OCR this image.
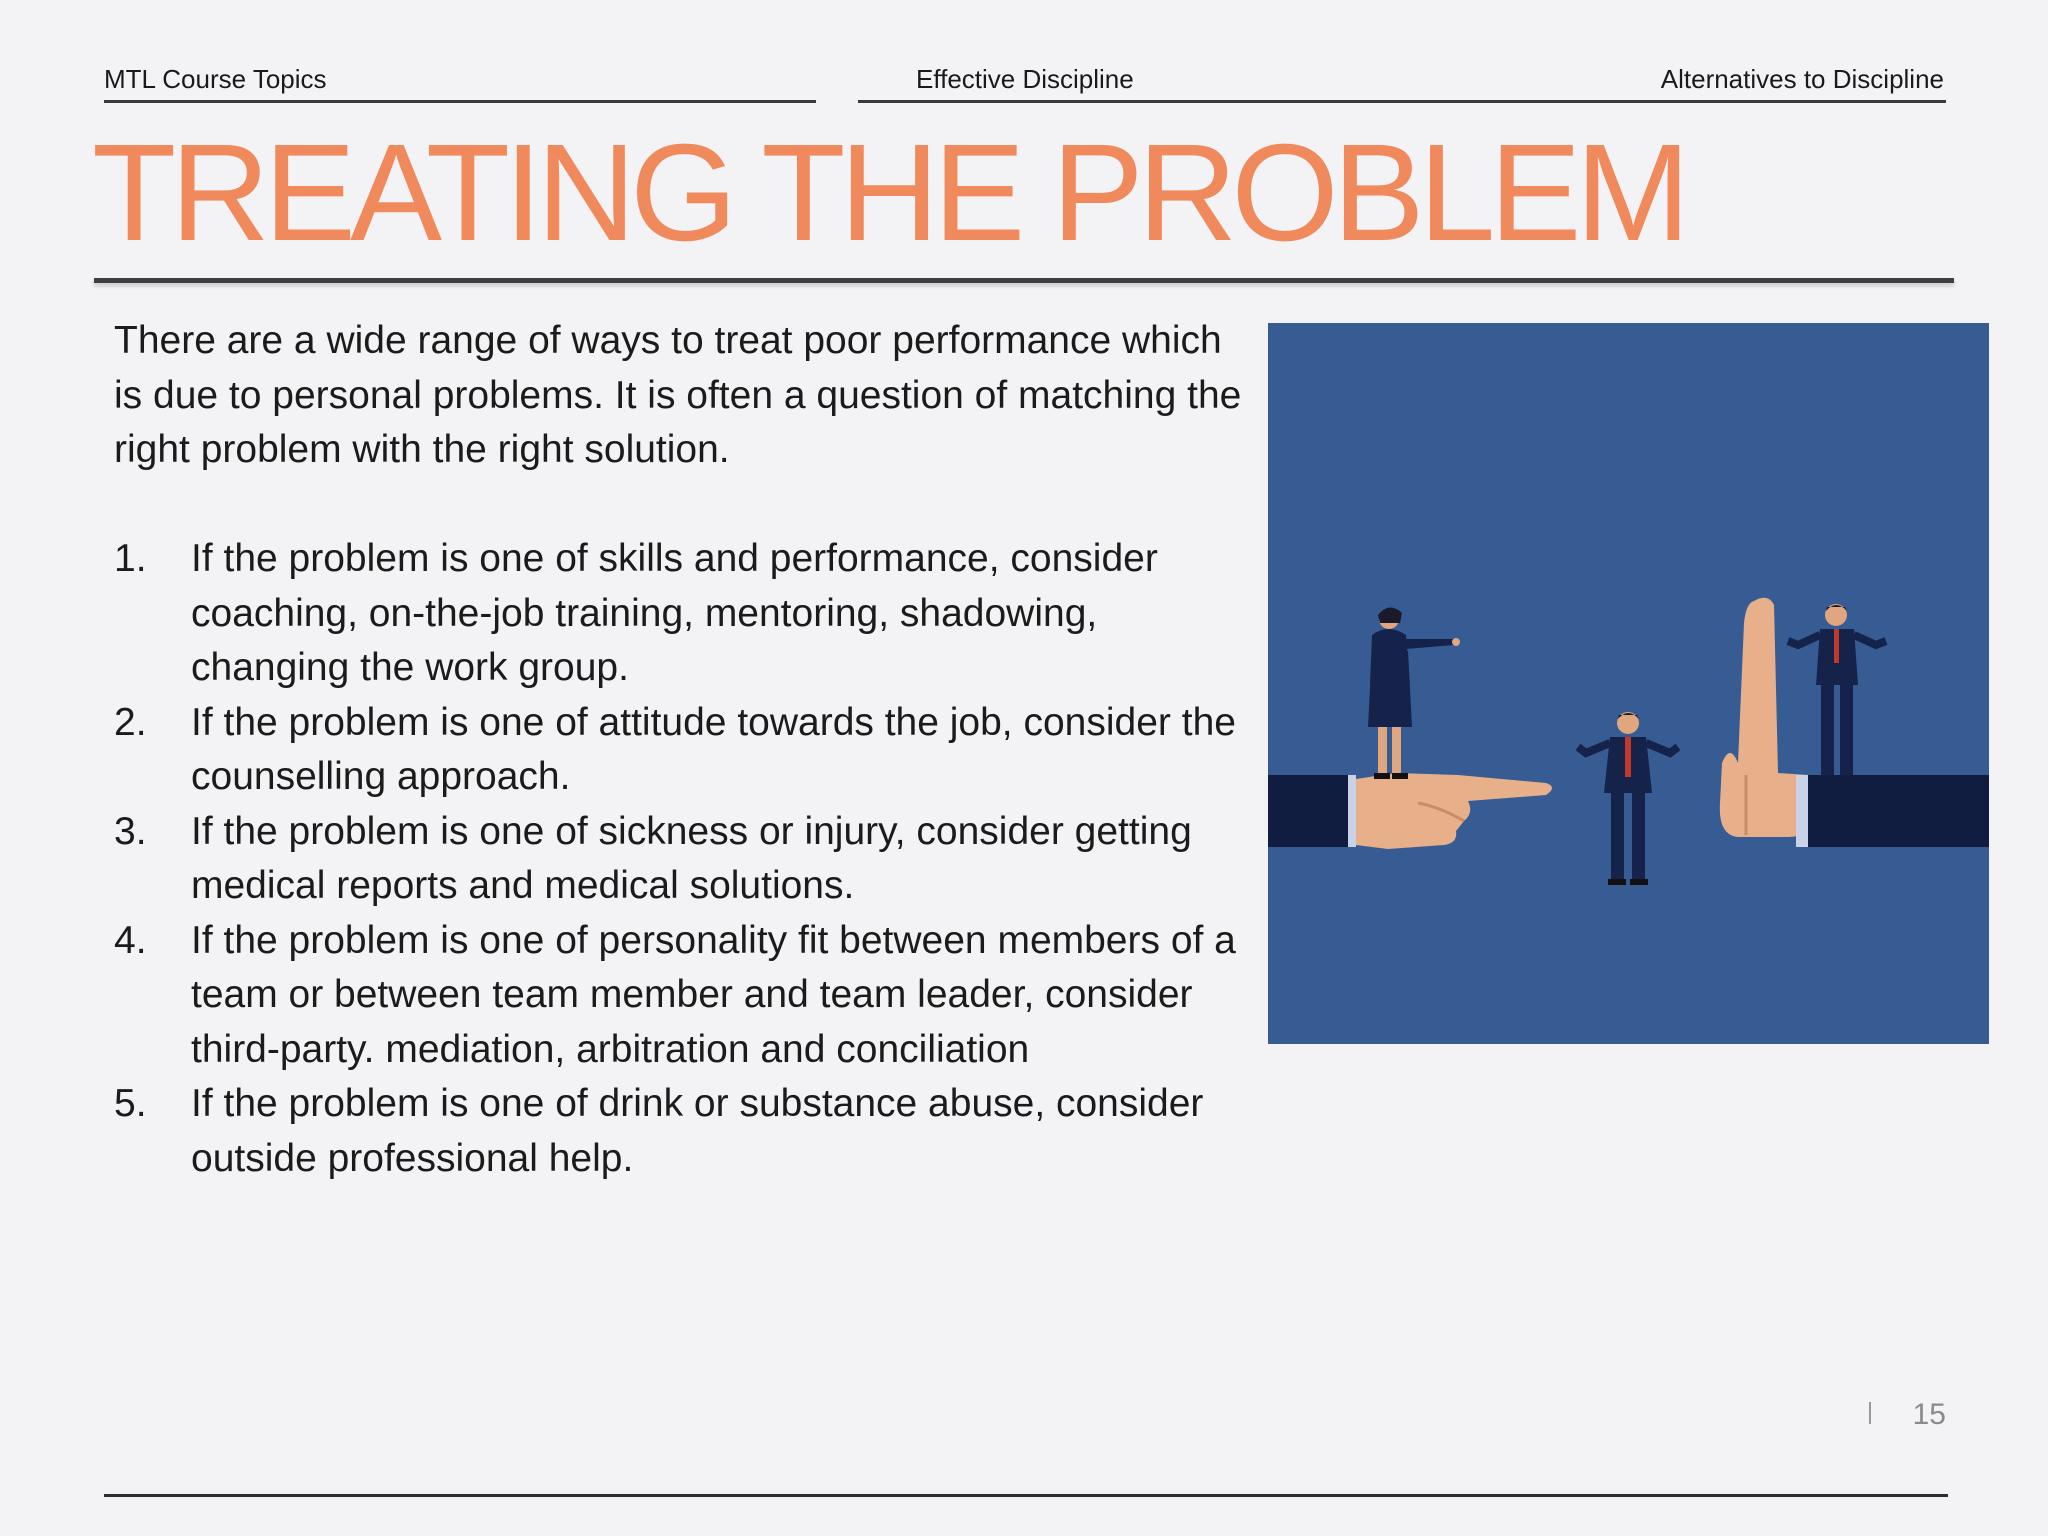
MTL Course Topics	Effective Discipline	Alternatives to Discipline
TREATING THE PROBLEM

There are a wide range of ways to treat poor performance which is due to personal problems. It is often a question of matching the right problem with the right solution.

1. If the problem is one of skills and performance, consider coaching, on-the-job training, mentoring, shadowing, changing the work group.
2. If the problem is one of attitude towards the job, consider the counselling approach.
3. If the problem is one of sickness or injury, consider getting medical reports and medical solutions.
4. If the problem is one of personality fit between members of a team or between team member and team leader, consider third-party. mediation, arbitration and conciliation
5. If the problem is one of drink or substance abuse, consider outside professional help.
15
